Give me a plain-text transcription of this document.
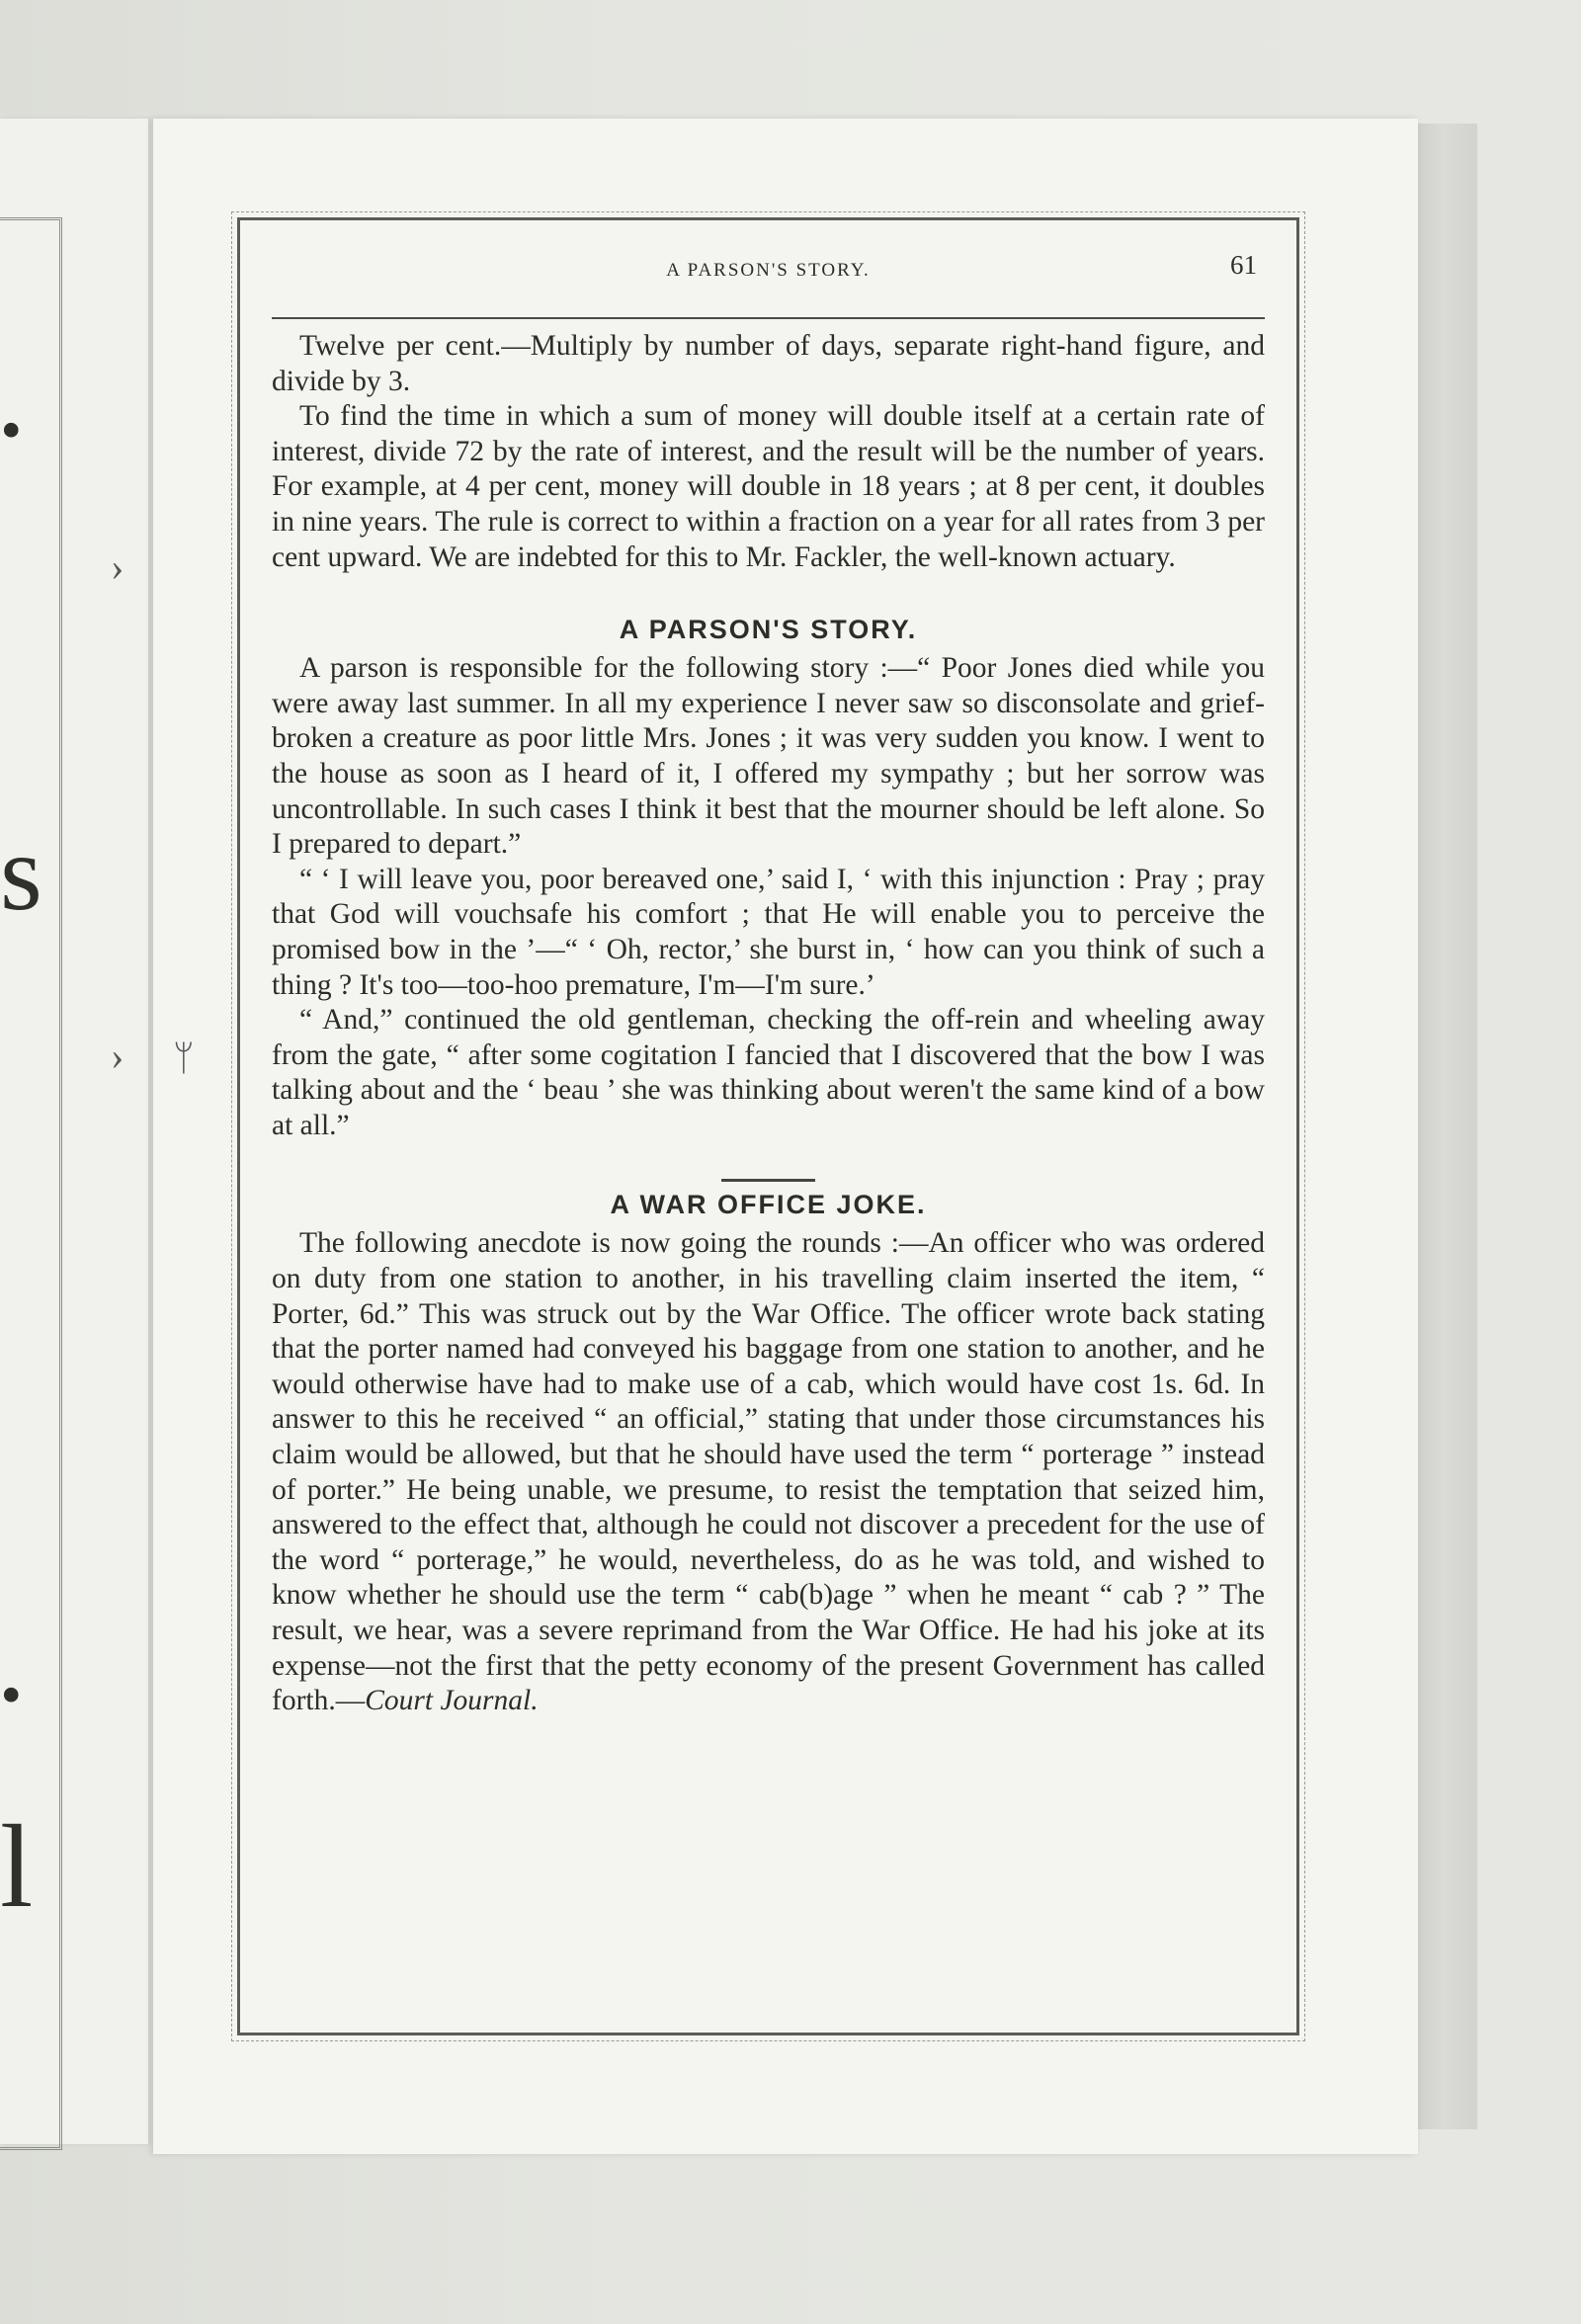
.
s
.
l
›
› ᛘ
A PARSON'S STORY.	61

Twelve per cent.—Multiply by number of days, separate right-hand figure, and divide by 3.

To find the time in which a sum of money will double itself at a certain rate of interest, divide 72 by the rate of interest, and the result will be the number of years. For example, at 4 per cent, money will double in 18 years ; at 8 per cent, it doubles in nine years. The rule is correct to within a fraction on a year for all rates from 3 per cent upward. We are indebted for this to Mr. Fackler, the well-known actuary.

A PARSON'S STORY.

A parson is responsible for the following story :—“ Poor Jones died while you were away last summer. In all my experience I never saw so disconsolate and grief-broken a creature as poor little Mrs. Jones ; it was very sudden you know. I went to the house as soon as I heard of it, I offered my sympathy ; but her sorrow was uncontrollable. In such cases I think it best that the mourner should be left alone. So I prepared to depart.”

“ ‘ I will leave you, poor bereaved one,’ said I, ‘ with this injunction : Pray ; pray that God will vouchsafe his comfort ; that He will enable you to perceive the promised bow in the ’—“ ‘ Oh, rector,’ she burst in, ‘ how can you think of such a thing ? It's too—too-hoo premature, I'm—I'm sure.’

“ And,” continued the old gentleman, checking the off-rein and wheeling away from the gate, “ after some cogitation I fancied that I discovered that the bow I was talking about and the ‘ beau ’ she was thinking about weren't the same kind of a bow at all.”

A WAR OFFICE JOKE.

The following anecdote is now going the rounds :—An officer who was ordered on duty from one station to another, in his travelling claim inserted the item, “ Porter, 6d.” This was struck out by the War Office. The officer wrote back stating that the porter named had conveyed his baggage from one station to another, and he would otherwise have had to make use of a cab, which would have cost 1s. 6d. In answer to this he received “ an official,” stating that under those circumstances his claim would be allowed, but that he should have used the term “ porterage ” instead of porter.” He being unable, we presume, to resist the temptation that seized him, answered to the effect that, although he could not discover a precedent for the use of the word “ porterage,” he would, nevertheless, do as he was told, and wished to know whether he should use the term “ cab(b)age ” when he meant “ cab ? ” The result, we hear, was a severe reprimand from the War Office. He had his joke at its expense—not the first that the petty economy of the present Government has called forth.—Court Journal.
